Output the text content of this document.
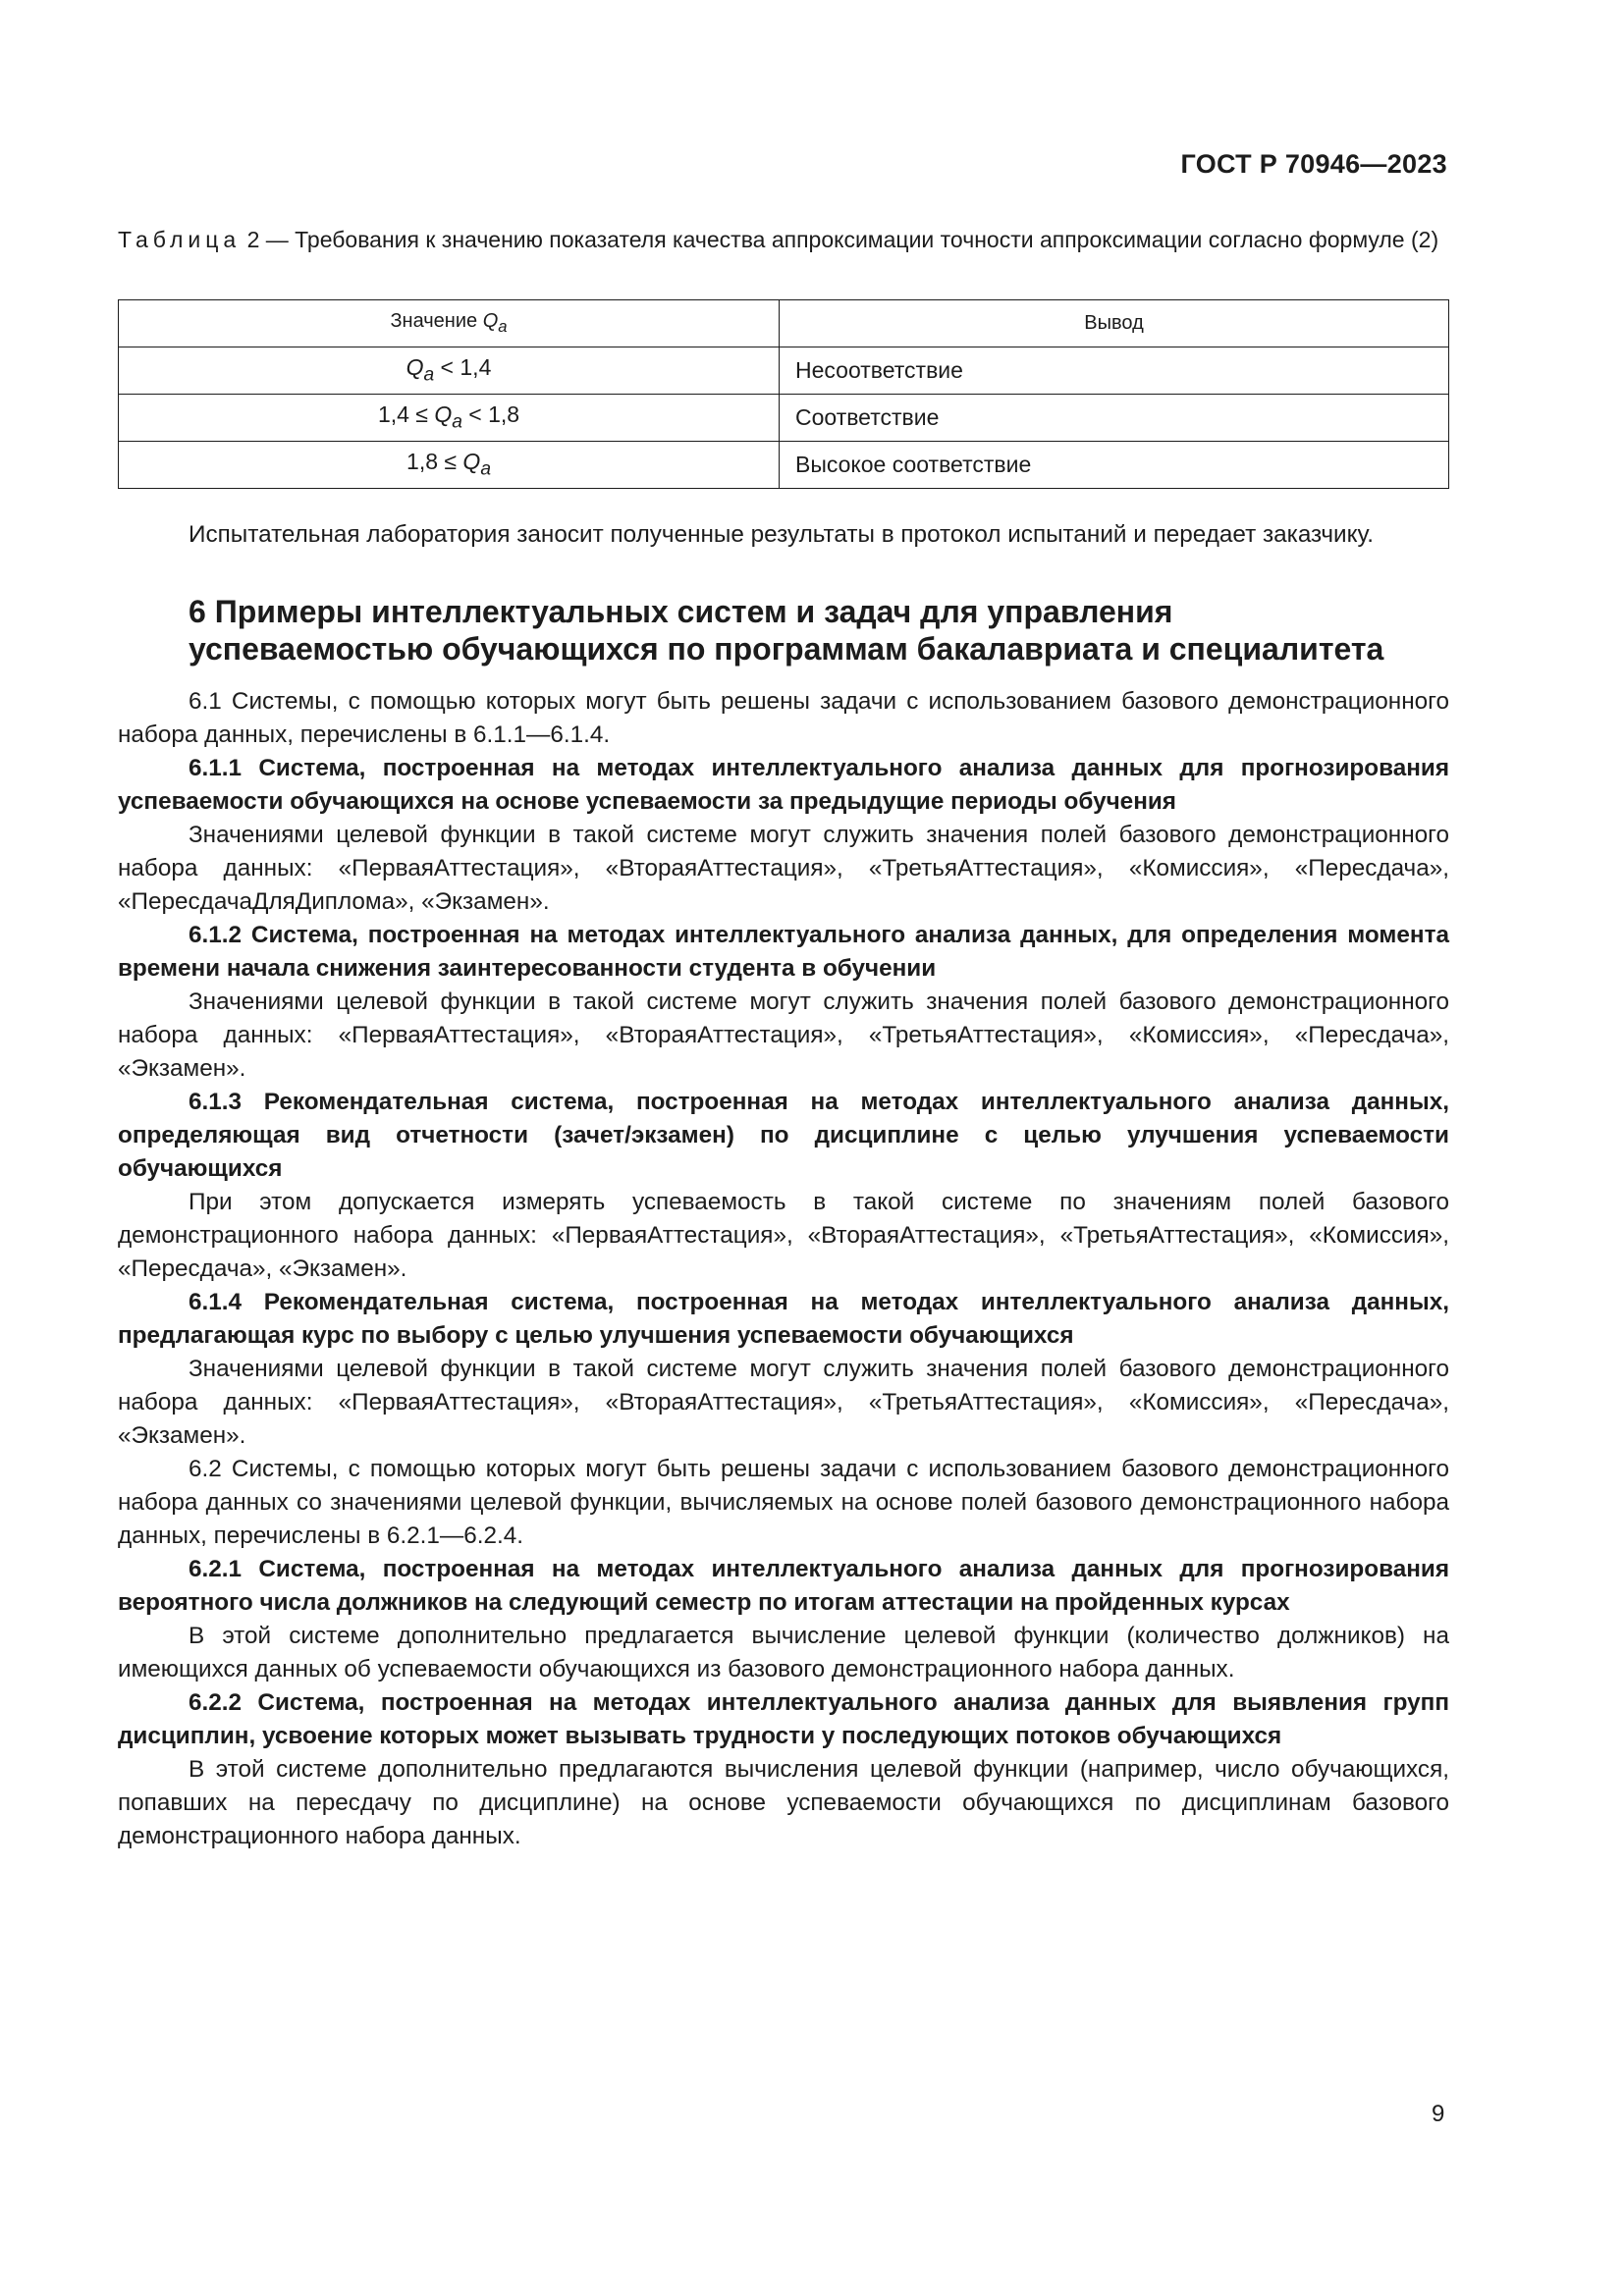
ГОСТ Р 70946—2023
Таблица 2 — Требования к значению показателя качества аппроксимации точности аппроксимации согласно формуле (2)
Значение $Q_a$	Вывод
$Q_a < 1,4$	Несоответствие
$1,4 \le Q_a < 1,8$	Соответствие
$1,8 \le Q_a$	Высокое соответствие

Испытательная лаборатория заносит полученные результаты в протокол испытаний и передает заказчику.

6 Примеры интеллектуальных систем и задач для управления
успеваемостью обучающихся по программам бакалавриата и специалитета

6.1 Системы, с помощью которых могут быть решены задачи с использованием базового демонстрационного набора данных, перечислены в 6.1.1—6.1.4.

6.1.1 Система, построенная на методах интеллектуального анализа данных для прогнозирования успеваемости обучающихся на основе успеваемости за предыдущие периоды обучения

Значениями целевой функции в такой системе могут служить значения полей базового демонстрационного набора данных: «ПерваяАттестация», «ВтораяАттестация», «ТретьяАттестация», «Комиссия», «Пересдача», «ПересдачаДляДиплома», «Экзамен».

6.1.2 Система, построенная на методах интеллектуального анализа данных, для определения момента времени начала снижения заинтересованности студента в обучении

Значениями целевой функции в такой системе могут служить значения полей базового демонстрационного набора данных: «ПерваяАттестация», «ВтораяАттестация», «ТретьяАттестация», «Комиссия», «Пересдача», «Экзамен».

6.1.3 Рекомендательная система, построенная на методах интеллектуального анализа данных, определяющая вид отчетности (зачет/экзамен) по дисциплине с целью улучшения успеваемости обучающихся

При этом допускается измерять успеваемость в такой системе по значениям полей базового демонстрационного набора данных: «ПерваяАттестация», «ВтораяАттестация», «ТретьяАттестация», «Комиссия», «Пересдача», «Экзамен».

6.1.4 Рекомендательная система, построенная на методах интеллектуального анализа данных, предлагающая курс по выбору с целью улучшения успеваемости обучающихся

Значениями целевой функции в такой системе могут служить значения полей базового демонстрационного набора данных: «ПерваяАттестация», «ВтораяАттестация», «ТретьяАттестация», «Комиссия», «Пересдача», «Экзамен».

6.2 Системы, с помощью которых могут быть решены задачи с использованием базового демонстрационного набора данных со значениями целевой функции, вычисляемых на основе полей базового демонстрационного набора данных, перечислены в 6.2.1—6.2.4.

6.2.1 Система, построенная на методах интеллектуального анализа данных для прогнозирования вероятного числа должников на следующий семестр по итогам аттестации на пройденных курсах

В этой системе дополнительно предлагается вычисление целевой функции (количество должников) на имеющихся данных об успеваемости обучающихся из базового демонстрационного набора данных.

6.2.2 Система, построенная на методах интеллектуального анализа данных для выявления групп дисциплин, усвоение которых может вызывать трудности у последующих потоков обучающихся

В этой системе дополнительно предлагаются вычисления целевой функции (например, число обучающихся, попавших на пересдачу по дисциплине) на основе успеваемости обучающихся по дисциплинам базового демонстрационного набора данных.

9
